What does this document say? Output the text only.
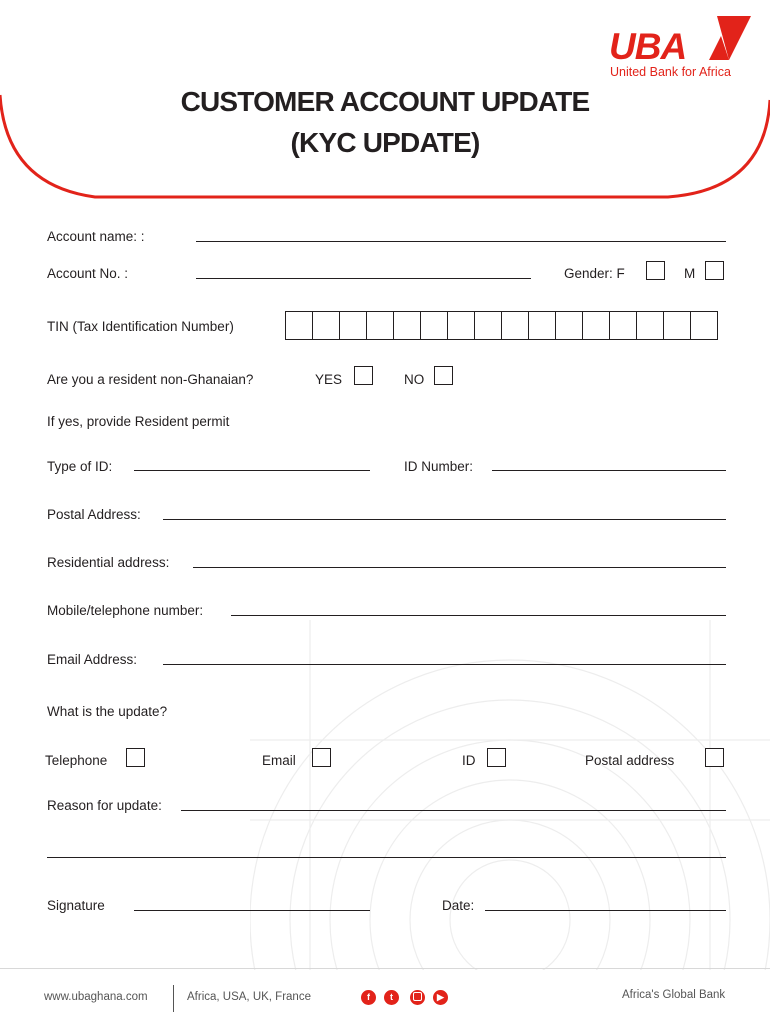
UBA
United Bank for Africa
CUSTOMER ACCOUNT UPDATE
(KYC UPDATE)
Account name: :
Account No. :	Gender: F	M
TIN (Tax Identification Number)
Are you a resident non-Ghanaian?	YES	NO
If yes, provide Resident permit
Type of ID:	ID Number:
Postal Address:
Residential address:
Mobile/telephone number:
Email Address:
What is the update?
Telephone	Email	ID	Postal address
Reason for update:
Signature	Date:
www.ubaghana.com	Africa, USA, UK, France	f	t	▶	Africa's Global Bank
